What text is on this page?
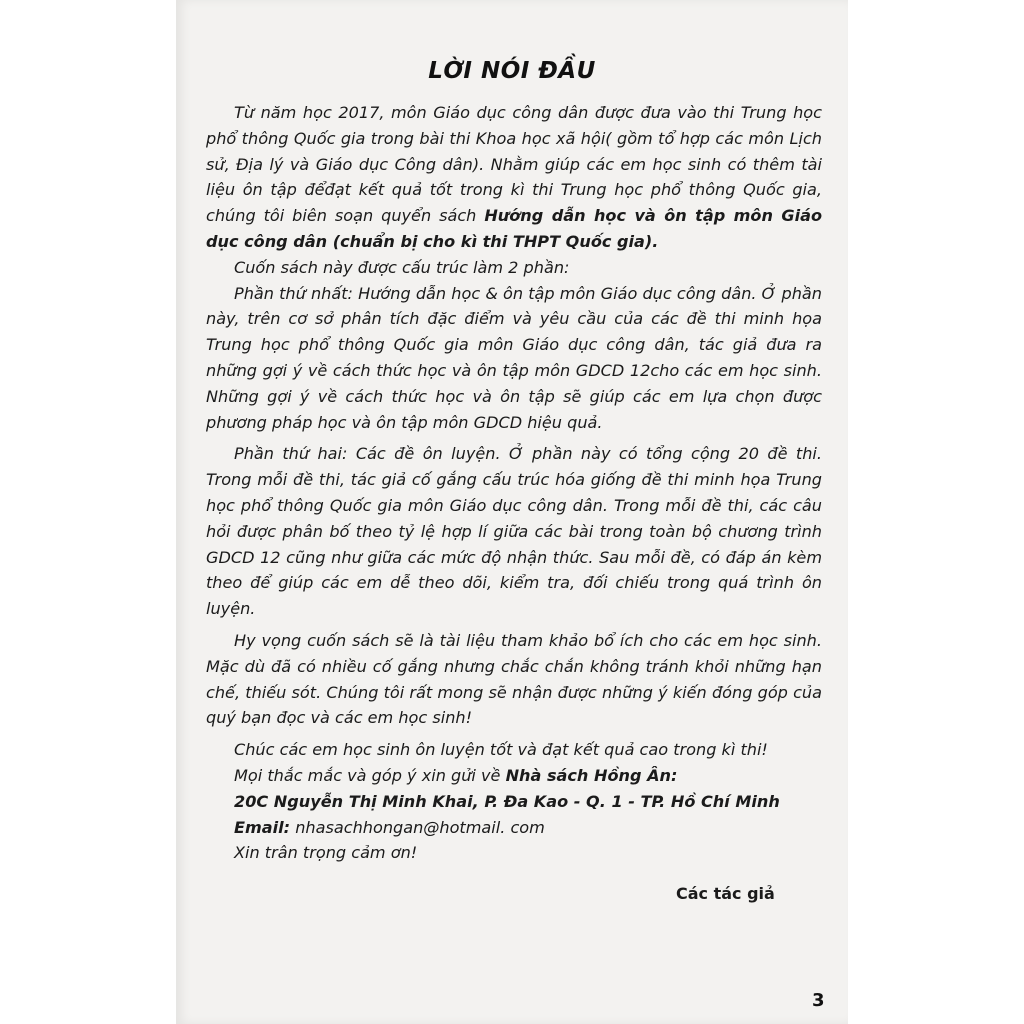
LỜI NÓI ĐẦU

Từ năm học 2017, môn Giáo dục công dân được đưa vào thi Trung học phổ thông Quốc gia trong bài thi Khoa học xã hội( gồm tổ hợp các môn Lịch sử, Địa lý và Giáo dục Công dân). Nhằm giúp các em học sinh có thêm tài liệu ôn tập đểđạt kết quả tốt trong kì thi Trung học phổ thông Quốc gia, chúng tôi biên soạn quyển sách Hướng dẫn học và ôn tập môn Giáo dục công dân (chuẩn bị cho kì thi THPT Quốc gia).

Cuốn sách này được cấu trúc làm 2 phần:

Phần thứ nhất: Hướng dẫn học & ôn tập môn Giáo dục công dân. Ở phần này, trên cơ sở phân tích đặc điểm và yêu cầu của các đề thi minh họa Trung học phổ thông Quốc gia môn Giáo dục công dân, tác giả đưa ra những gợi ý về cách thức học và ôn tập môn GDCD 12cho các em học sinh. Những gợi ý về cách thức học và ôn tập sẽ giúp các em lựa chọn được phương pháp học và ôn tập môn GDCD hiệu quả.

Phần thứ hai: Các đề ôn luyện. Ở phần này có tổng cộng 20 đề thi. Trong mỗi đề thi, tác giả cố gắng cấu trúc hóa giống đề thi minh họa Trung học phổ thông Quốc gia môn Giáo dục công dân. Trong mỗi đề thi, các câu hỏi được phân bố theo tỷ lệ hợp lí giữa các bài trong toàn bộ chương trình GDCD 12 cũng như giữa các mức độ nhận thức. Sau mỗi đề, có đáp án kèm theo để giúp các em dễ theo dõi, kiểm tra, đối chiếu trong quá trình ôn luyện.

Hy vọng cuốn sách sẽ là tài liệu tham khảo bổ ích cho các em học sinh. Mặc dù đã có nhiều cố gắng nhưng chắc chắn không tránh khỏi những hạn chế, thiếu sót. Chúng tôi rất mong sẽ nhận được những ý kiến đóng góp của quý bạn đọc và các em học sinh!

Chúc các em học sinh ôn luyện tốt và đạt kết quả cao trong kì thi!
Mọi thắc mắc và góp ý xin gửi về Nhà sách Hồng Ân:
20C Nguyễn Thị Minh Khai, P. Đa Kao - Q. 1 - TP. Hồ Chí Minh
Email: nhasachhongan@hotmail. com
Xin trân trọng cảm ơn!
Các tác giả
3
